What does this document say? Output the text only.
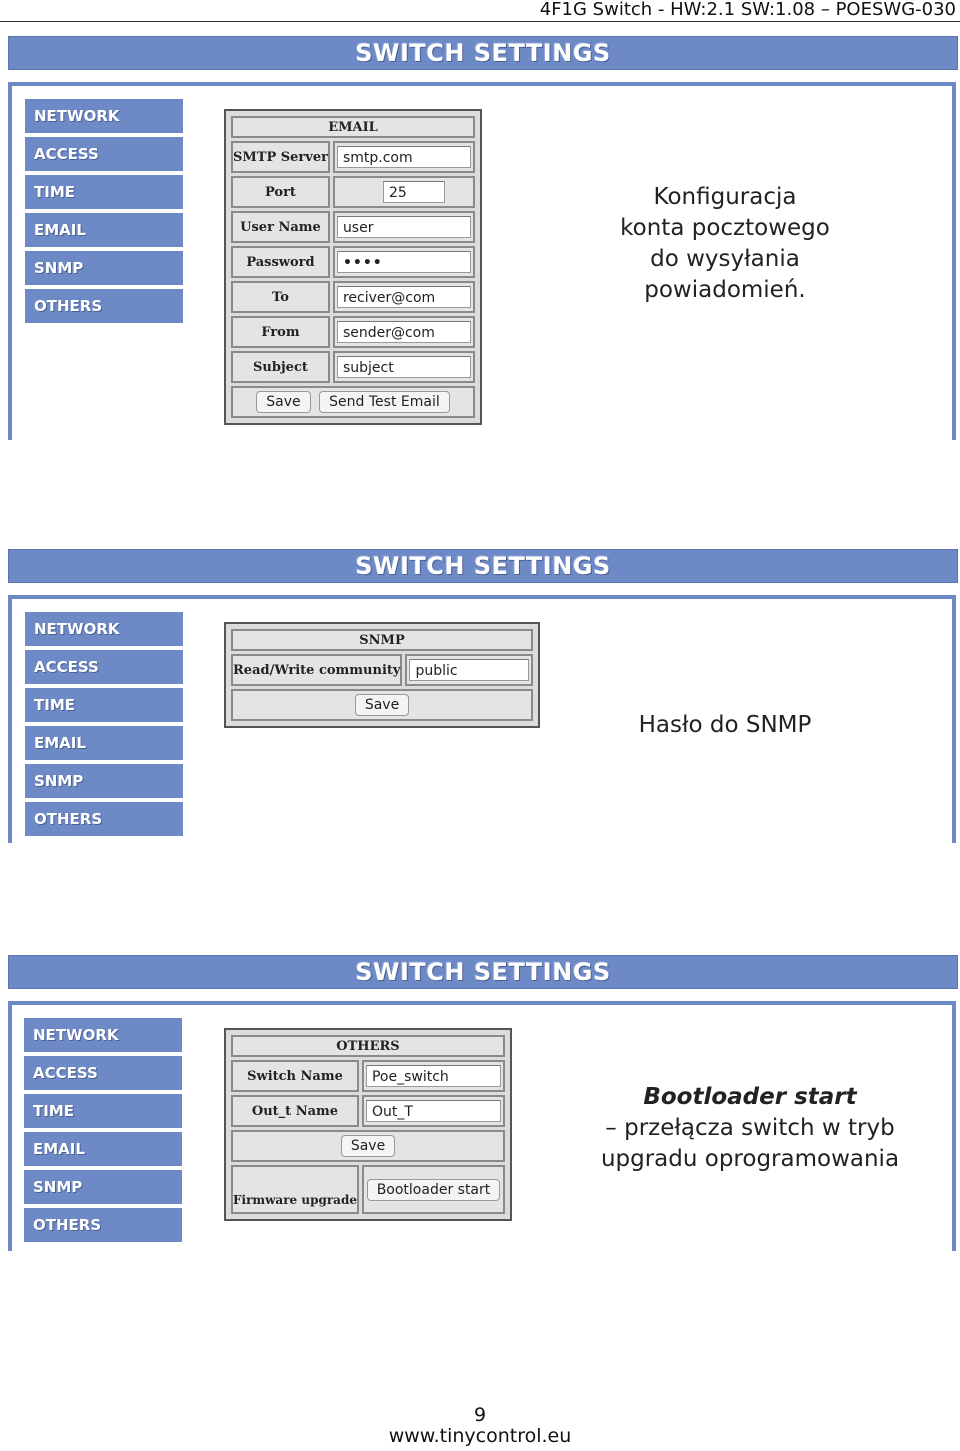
4F1G Switch - HW:2.1 SW:1.08 – POESWG-030
SWITCH SETTINGS
NETWORK
ACCESS
TIME
EMAIL
SNMP
OTHERS
EMAIL	
SMTP Server	smtp.com

Port	25

User Name	user

Password	••••

To	reciver@com

From	sender@com

Subject	subject

Save Send Test Email	
Konfiguracja
konta pocztowego
do wysyłania
powiadomień.
SWITCH SETTINGS
NETWORK
ACCESS
TIME
EMAIL
SNMP
OTHERS
SNMP
Read/Write community	public

Save
Hasło do SNMP
SWITCH SETTINGS
NETWORK
ACCESS
TIME
EMAIL
SNMP
OTHERS
OTHERS	
Switch Name	Poe_switch

Out_t Name	Out_T

Save	
Firmware upgrade	Bootloader start
Bootloader start
– przełącza switch w tryb
upgradu oprogramowania
9
www.tinycontrol.eu
